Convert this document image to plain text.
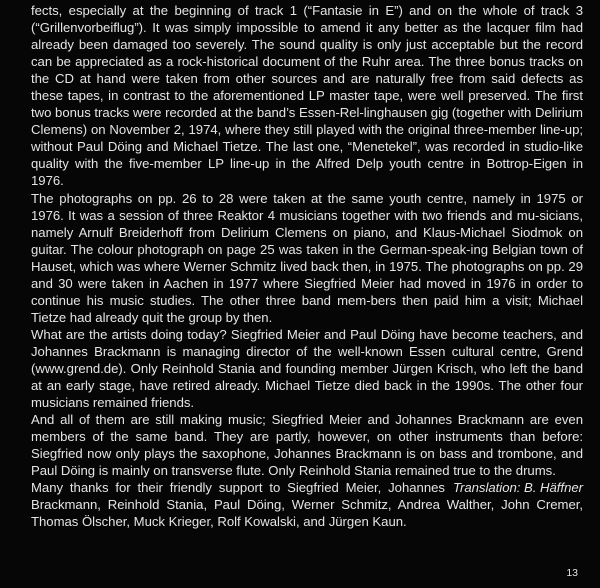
fects, especially at the beginning of track 1 (“Fantasie in E”) and on the whole of track 3 (“Grillenvorbeiflug”). It was simply impossible to amend it any better as the lacquer film had already been damaged too severely. The sound quality is only just acceptable but the record can be appreciated as a rock-historical document of the Ruhr area. The three bonus tracks on the CD at hand were taken from other sources and are naturally free from said defects as these tapes, in contrast to the aforementioned LP master tape, were well preserved. The first two bonus tracks were recorded at the band’s Essen-Rel-linghausen gig (together with Delirium Clemens) on November 2, 1974, where they still played with the original three-member line-up; without Paul Döing and Michael Tietze. The last one, “Menetekel”, was recorded in studio-like quality with the five-member LP line-up in the Alfred Delp youth centre in Bottrop-Eigen in 1976.

The photographs on pp. 26 to 28 were taken at the same youth centre, namely in 1975 or 1976. It was a session of three Reaktor 4 musicians together with two friends and mu-sicians, namely Arnulf Breiderhoff from Delirium Clemens on piano, and Klaus-Michael Siodmok on guitar. The colour photograph on page 25 was taken in the German-speak-ing Belgian town of Hauset, which was where Werner Schmitz lived back then, in 1975. The photographs on pp. 29 and 30 were taken in Aachen in 1977 where Siegfried Meier had moved in 1976 in order to continue his music studies. The other three band mem-bers then paid him a visit; Michael Tietze had already quit the group by then.

What are the artists doing today? Siegfried Meier and Paul Döing have become teachers, and Johannes Brackmann is managing director of the well-known Essen cultural centre, Grend (www.grend.de). Only Reinhold Stania and founding member Jürgen Krisch, who left the band at an early stage, have retired already. Michael Tietze died back in the 1990s. The other four musicians remained friends.

And all of them are still making music; Siegfried Meier and Johannes Brackmann are even members of the same band. They are partly, however, on other instruments than before: Siegfried now only plays the saxophone, Johannes Brackmann is on bass and trombone, and Paul Döing is mainly on transverse flute. Only Reinhold Stania remained true to the drums.

Translation: B. Häffner
Many thanks for their friendly support to Siegfried Meier, Johannes Brackmann, Reinhold Stania, Paul Döing, Werner Schmitz, Andrea Walther, John Cremer, Thomas Ölscher, Muck Krieger, Rolf Kowalski, and Jürgen Kaun.

13
